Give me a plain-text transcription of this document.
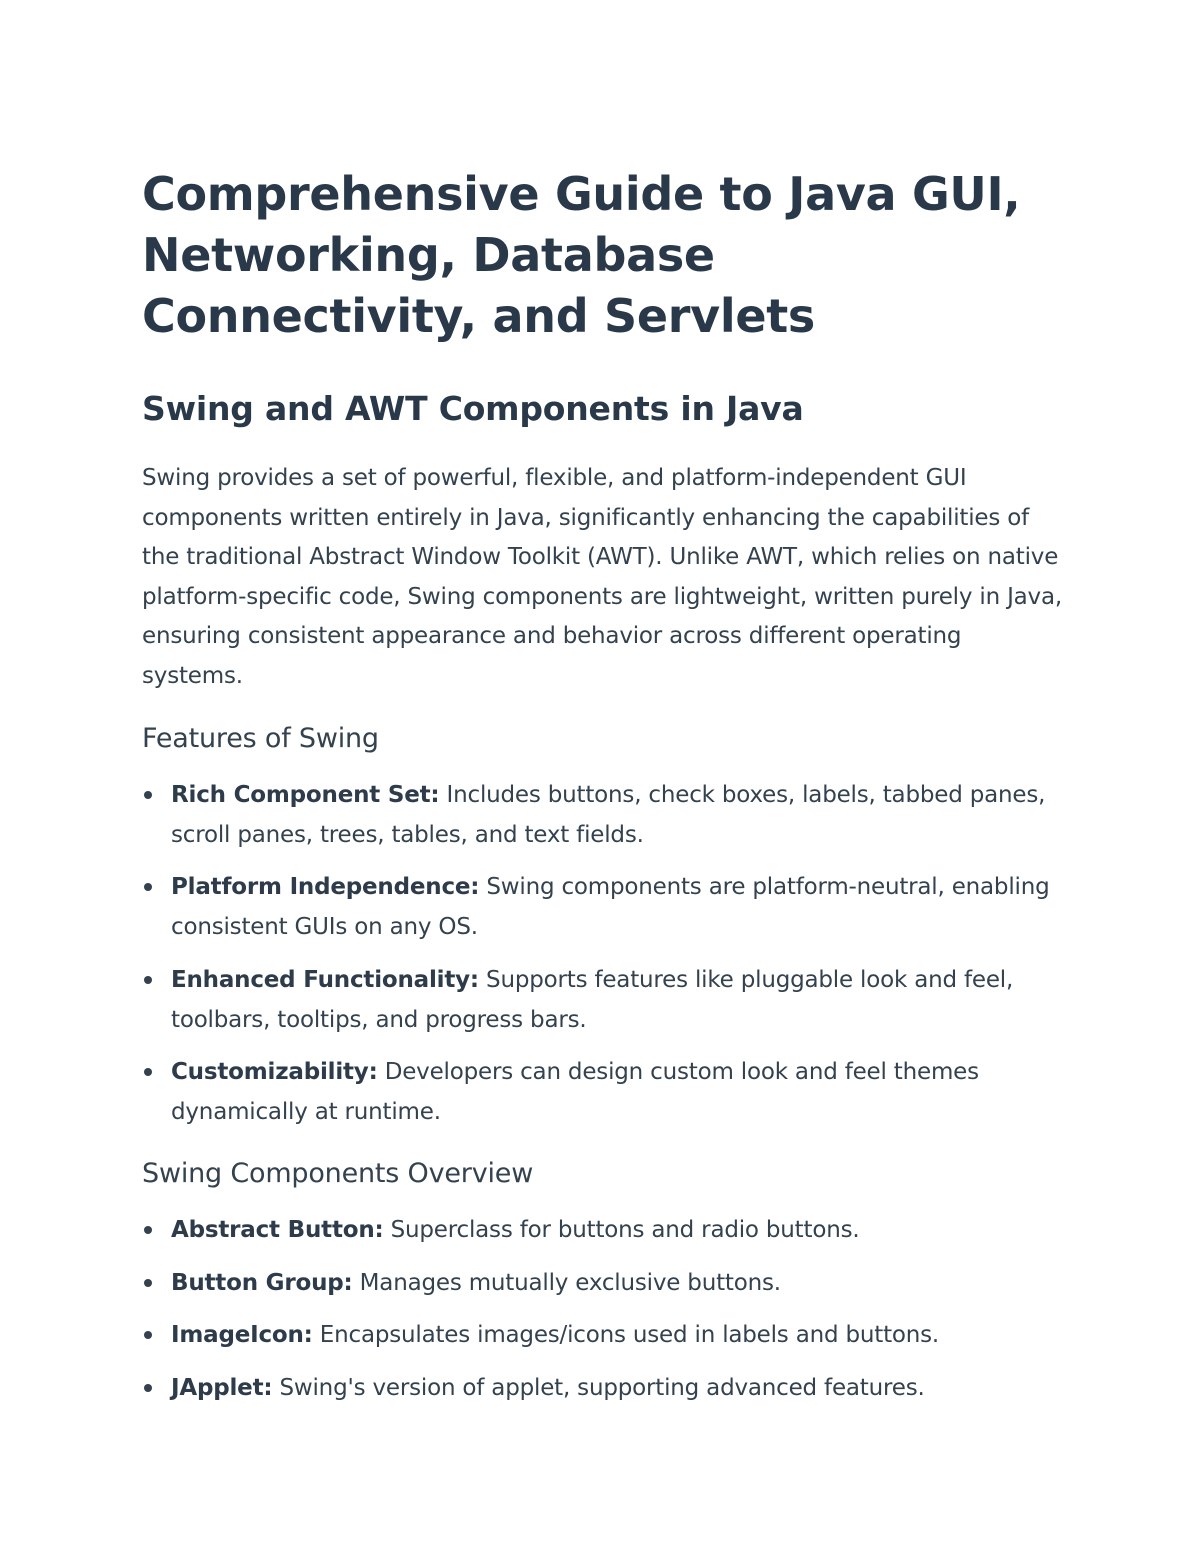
Comprehensive Guide to Java GUI, Networking, Database Connectivity, and Servlets
Swing and AWT Components in Java

Swing provides a set of powerful, flexible, and platform-independent GUI components written entirely in Java, significantly enhancing the capabilities of the traditional Abstract Window Toolkit (AWT). Unlike AWT, which relies on native platform-specific code, Swing components are lightweight, written purely in Java, ensuring consistent appearance and behavior across different operating systems.

Features of Swing
Rich Component Set: Includes buttons, check boxes, labels, tabbed panes, scroll panes, trees, tables, and text fields.
Platform Independence: Swing components are platform-neutral, enabling consistent GUIs on any OS.
Enhanced Functionality: Supports features like pluggable look and feel, toolbars, tooltips, and progress bars.
Customizability: Developers can design custom look and feel themes dynamically at runtime.
Swing Components Overview
Abstract Button: Superclass for buttons and radio buttons.
Button Group: Manages mutually exclusive buttons.
ImageIcon: Encapsulates images/icons used in labels and buttons.
JApplet: Swing's version of applet, supporting advanced features.
